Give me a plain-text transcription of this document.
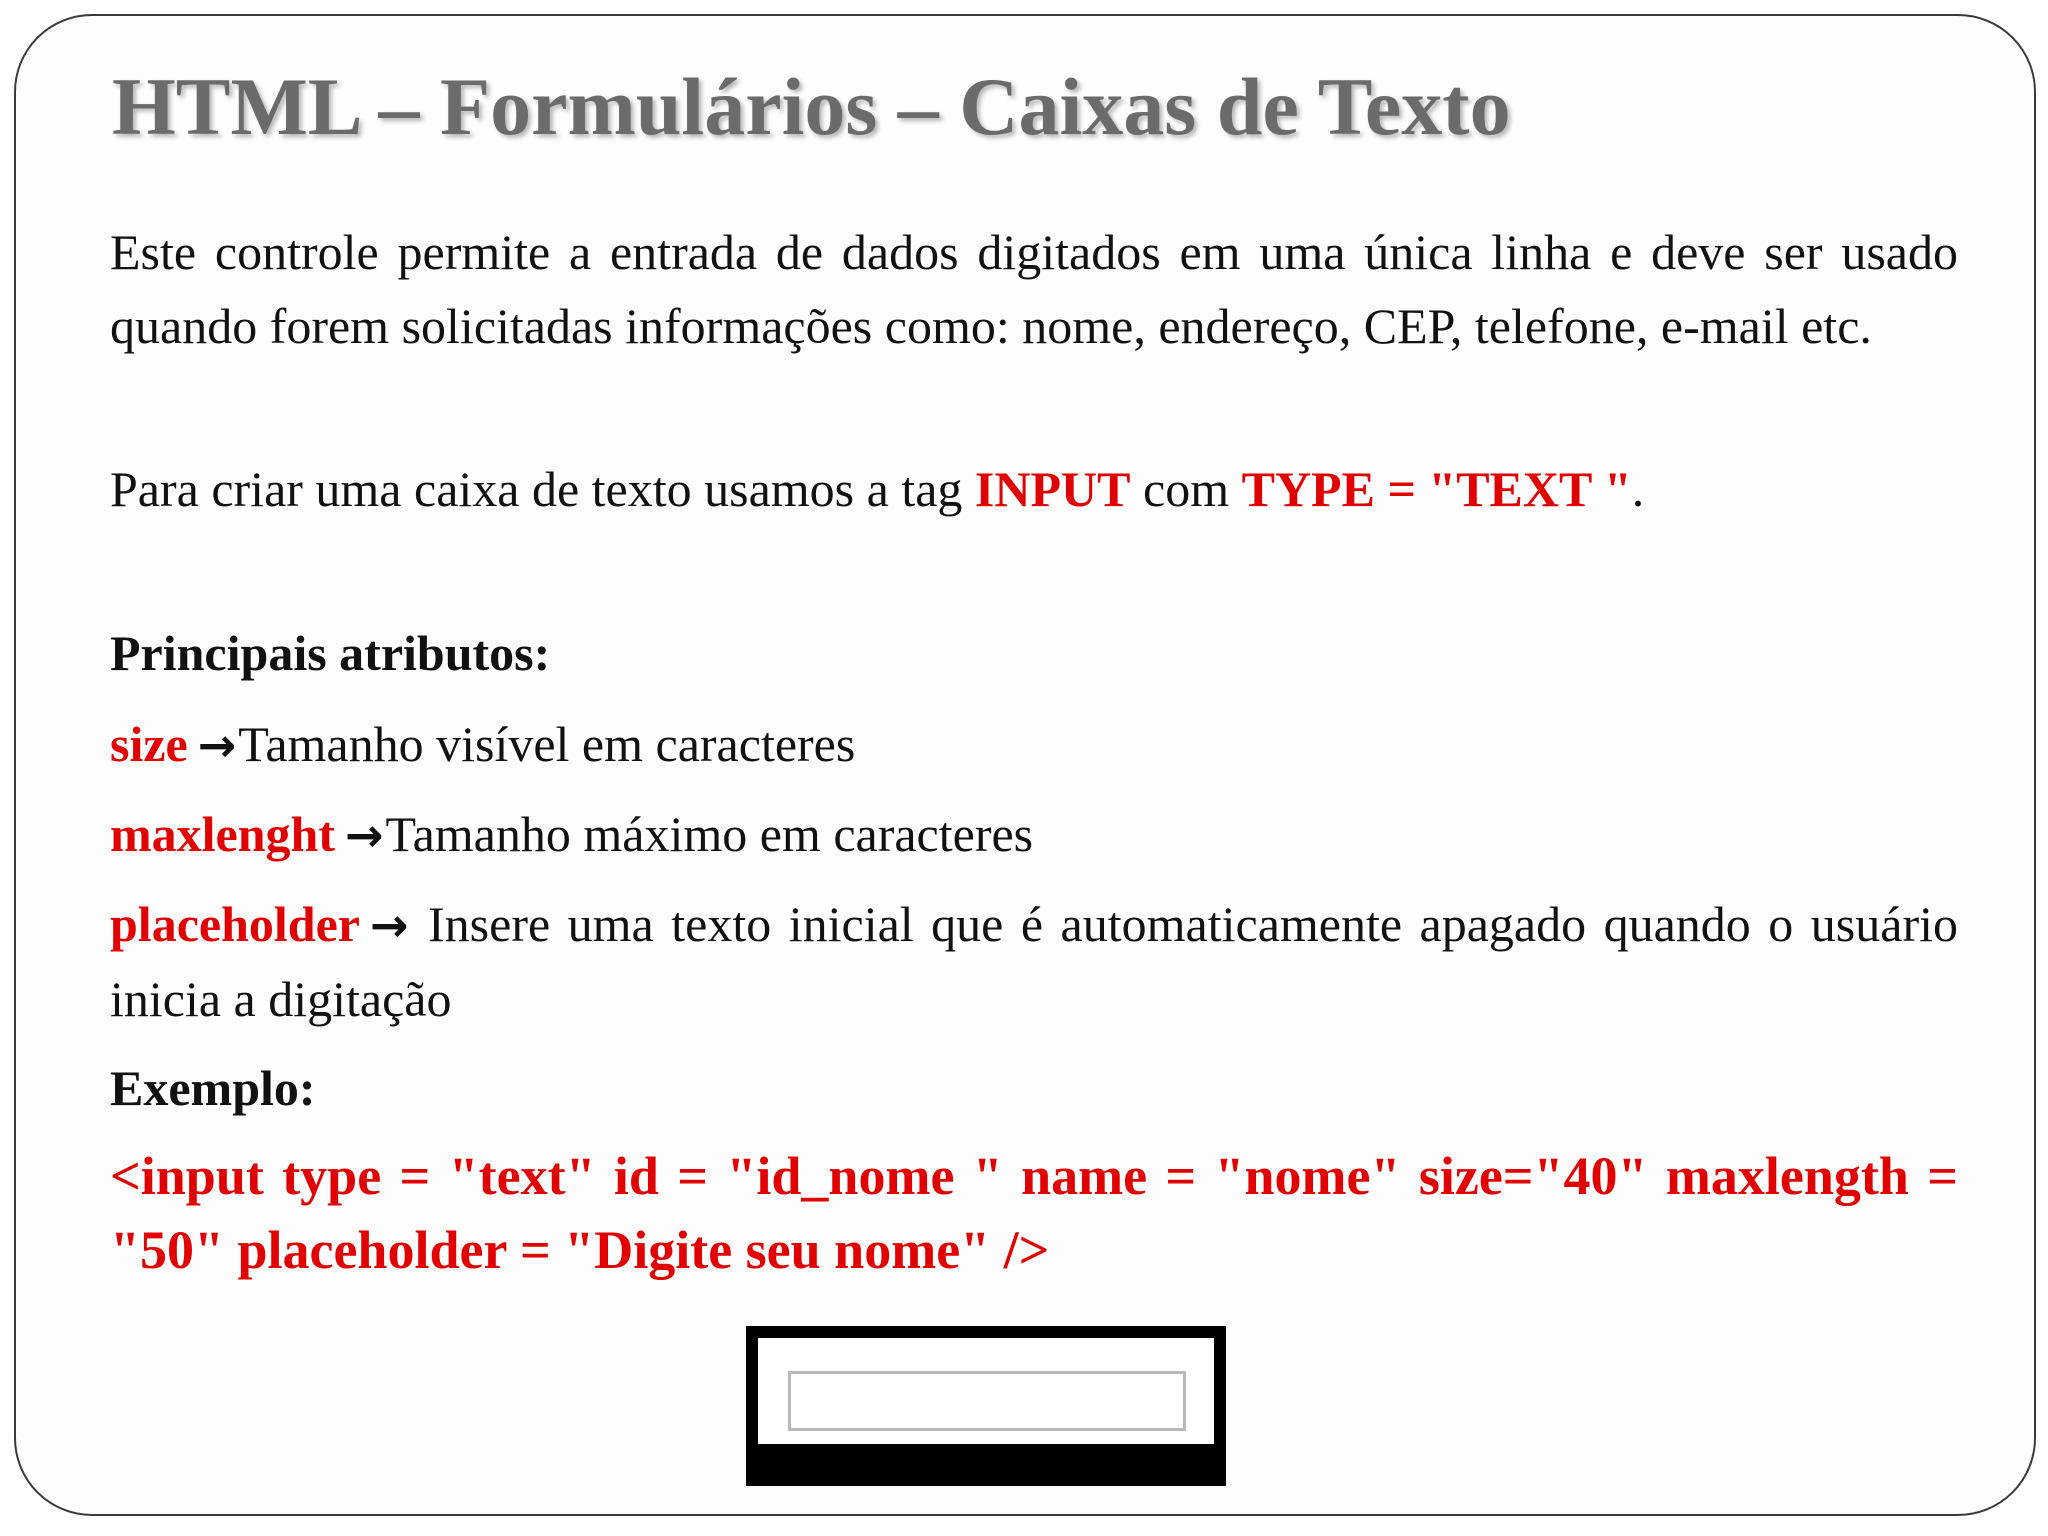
HTML – Formulários – Caixas de Texto

Este controle permite a entrada de dados digitados em uma única linha e deve ser usado quando forem solicitadas informações como: nome, endereço, CEP, telefone, e-mail etc.

Para criar uma caixa de texto usamos a tag INPUT com TYPE = "TEXT ".

Principais atributos:

size →Tamanho visível em caracteres

maxlenght →Tamanho máximo em caracteres

placeholder → Insere uma texto inicial que é automaticamente apagado quando o usuário inicia a digitação

Exemplo:

<input type = "text" id = "id_nome " name = "nome" size="40" maxlength = "50" placeholder = "Digite seu nome" />
